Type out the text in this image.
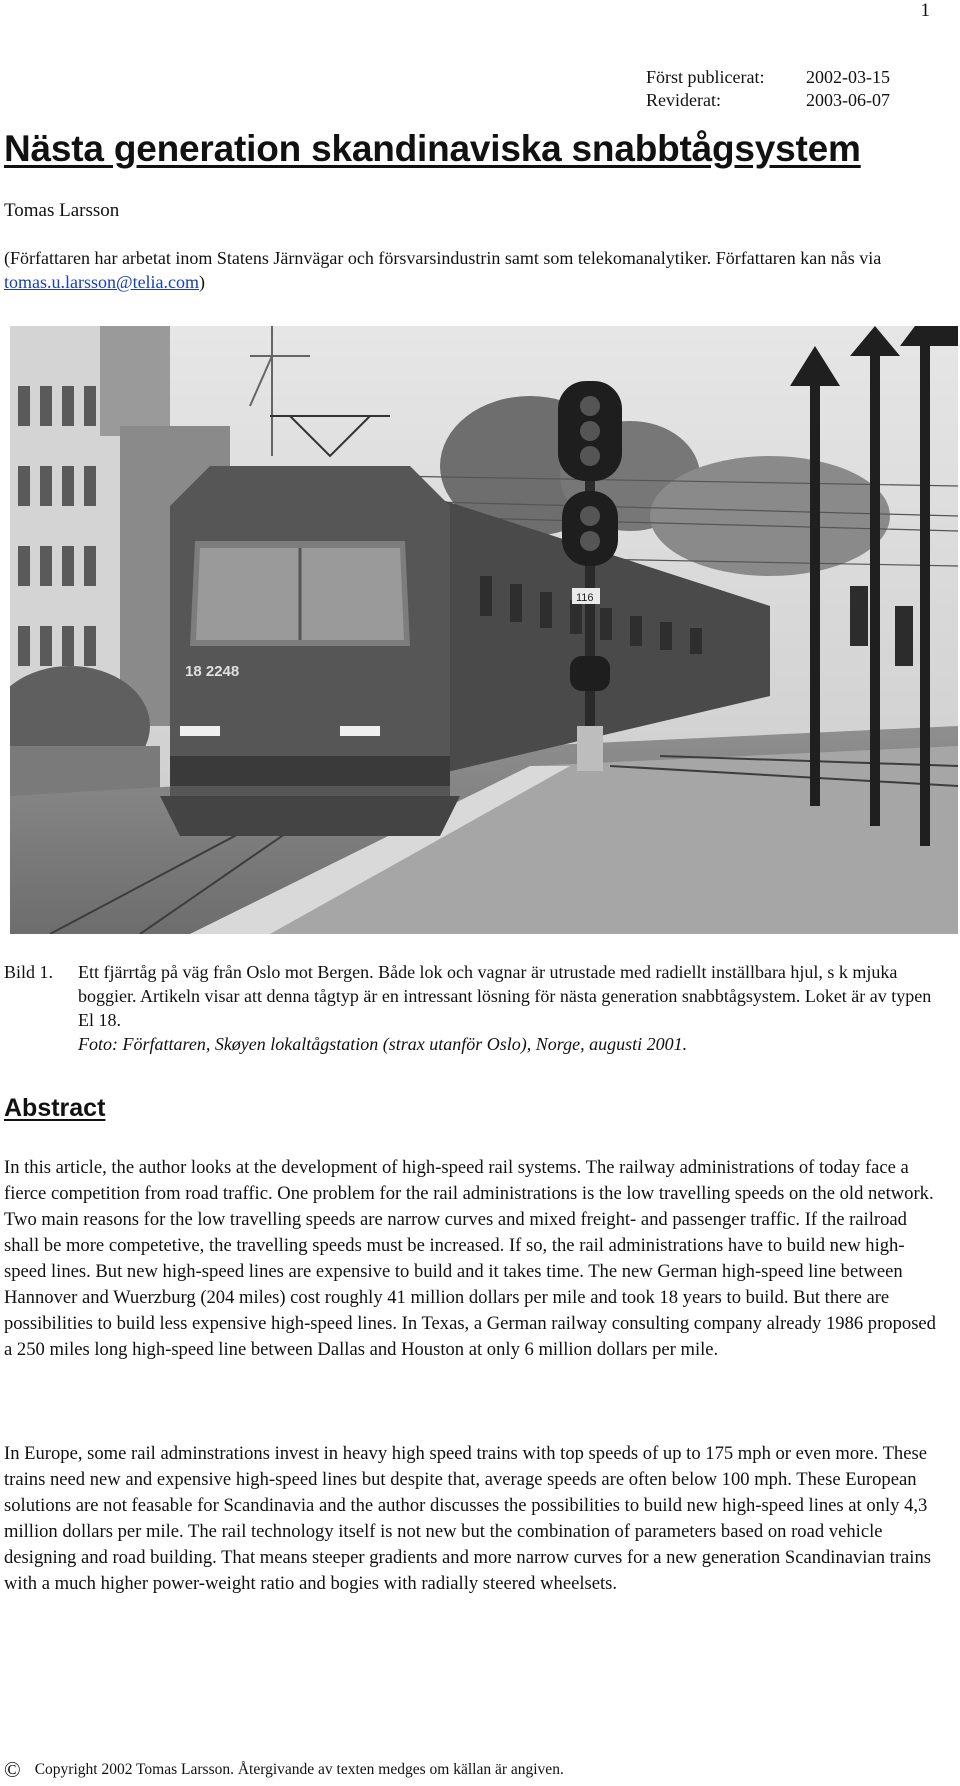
1
Först publicerat:	2002-03-15
Reviderat:	2003-06-07
Nästa generation skandinaviska snabbtågsystem
Tomas Larsson
(Författaren har arbetat inom Statens Järnvägar och försvarsindustrin samt som telekomanalytiker. Författaren kan nås via tomas.u.larsson@telia.com)
18 2248
116
Bild 1. Ett fjärrtåg på väg från Oslo mot Bergen. Både lok och vagnar är utrustade med radiellt inställbara hjul, s k mjuka boggier. Artikeln visar att denna tågtyp är en intressant lösning för nästa generation snabbtågsystem. Loket är av typen El 18.
Foto: Författaren, Skøyen lokaltågstation (strax utanför Oslo), Norge, augusti 2001.
Abstract

In this article, the author looks at the development of high-speed rail systems. The railway administrations of today face a fierce competition from road traffic. One problem for the rail administrations is the low travelling speeds on the old network. Two main reasons for the low travelling speeds are narrow curves and mixed freight- and passenger traffic. If the railroad shall be more competetive, the travelling speeds must be increased. If so, the rail administrations have to build new high-speed lines. But new high-speed lines are expensive to build and it takes time. The new German high-speed line between Hannover and Wuerzburg (204 miles) cost roughly 41 million dollars per mile and took 18 years to build. But there are possibilities to build less expensive high-speed lines. In Texas, a German railway consulting company already 1986 proposed a 250 miles long high-speed line between Dallas and Houston at only 6 million dollars per mile.

In Europe, some rail adminstrations invest in heavy high speed trains with top speeds of up to 175 mph or even more. These trains need new and expensive high-speed lines but despite that, average speeds are often below 100 mph. These European solutions are not feasable for Scandinavia and the author discusses the possibilities to build new high-speed lines at only 4,3 million dollars per mile. The rail technology itself is not new but the combination of parameters based on road vehicle designing and road building. That means steeper gradients and more narrow curves for a new generation Scandinavian trains with a much higher power-weight ratio and bogies with radially steered wheelsets.

© Copyright 2002 Tomas Larsson. Återgivande av texten medges om källan är angiven.
